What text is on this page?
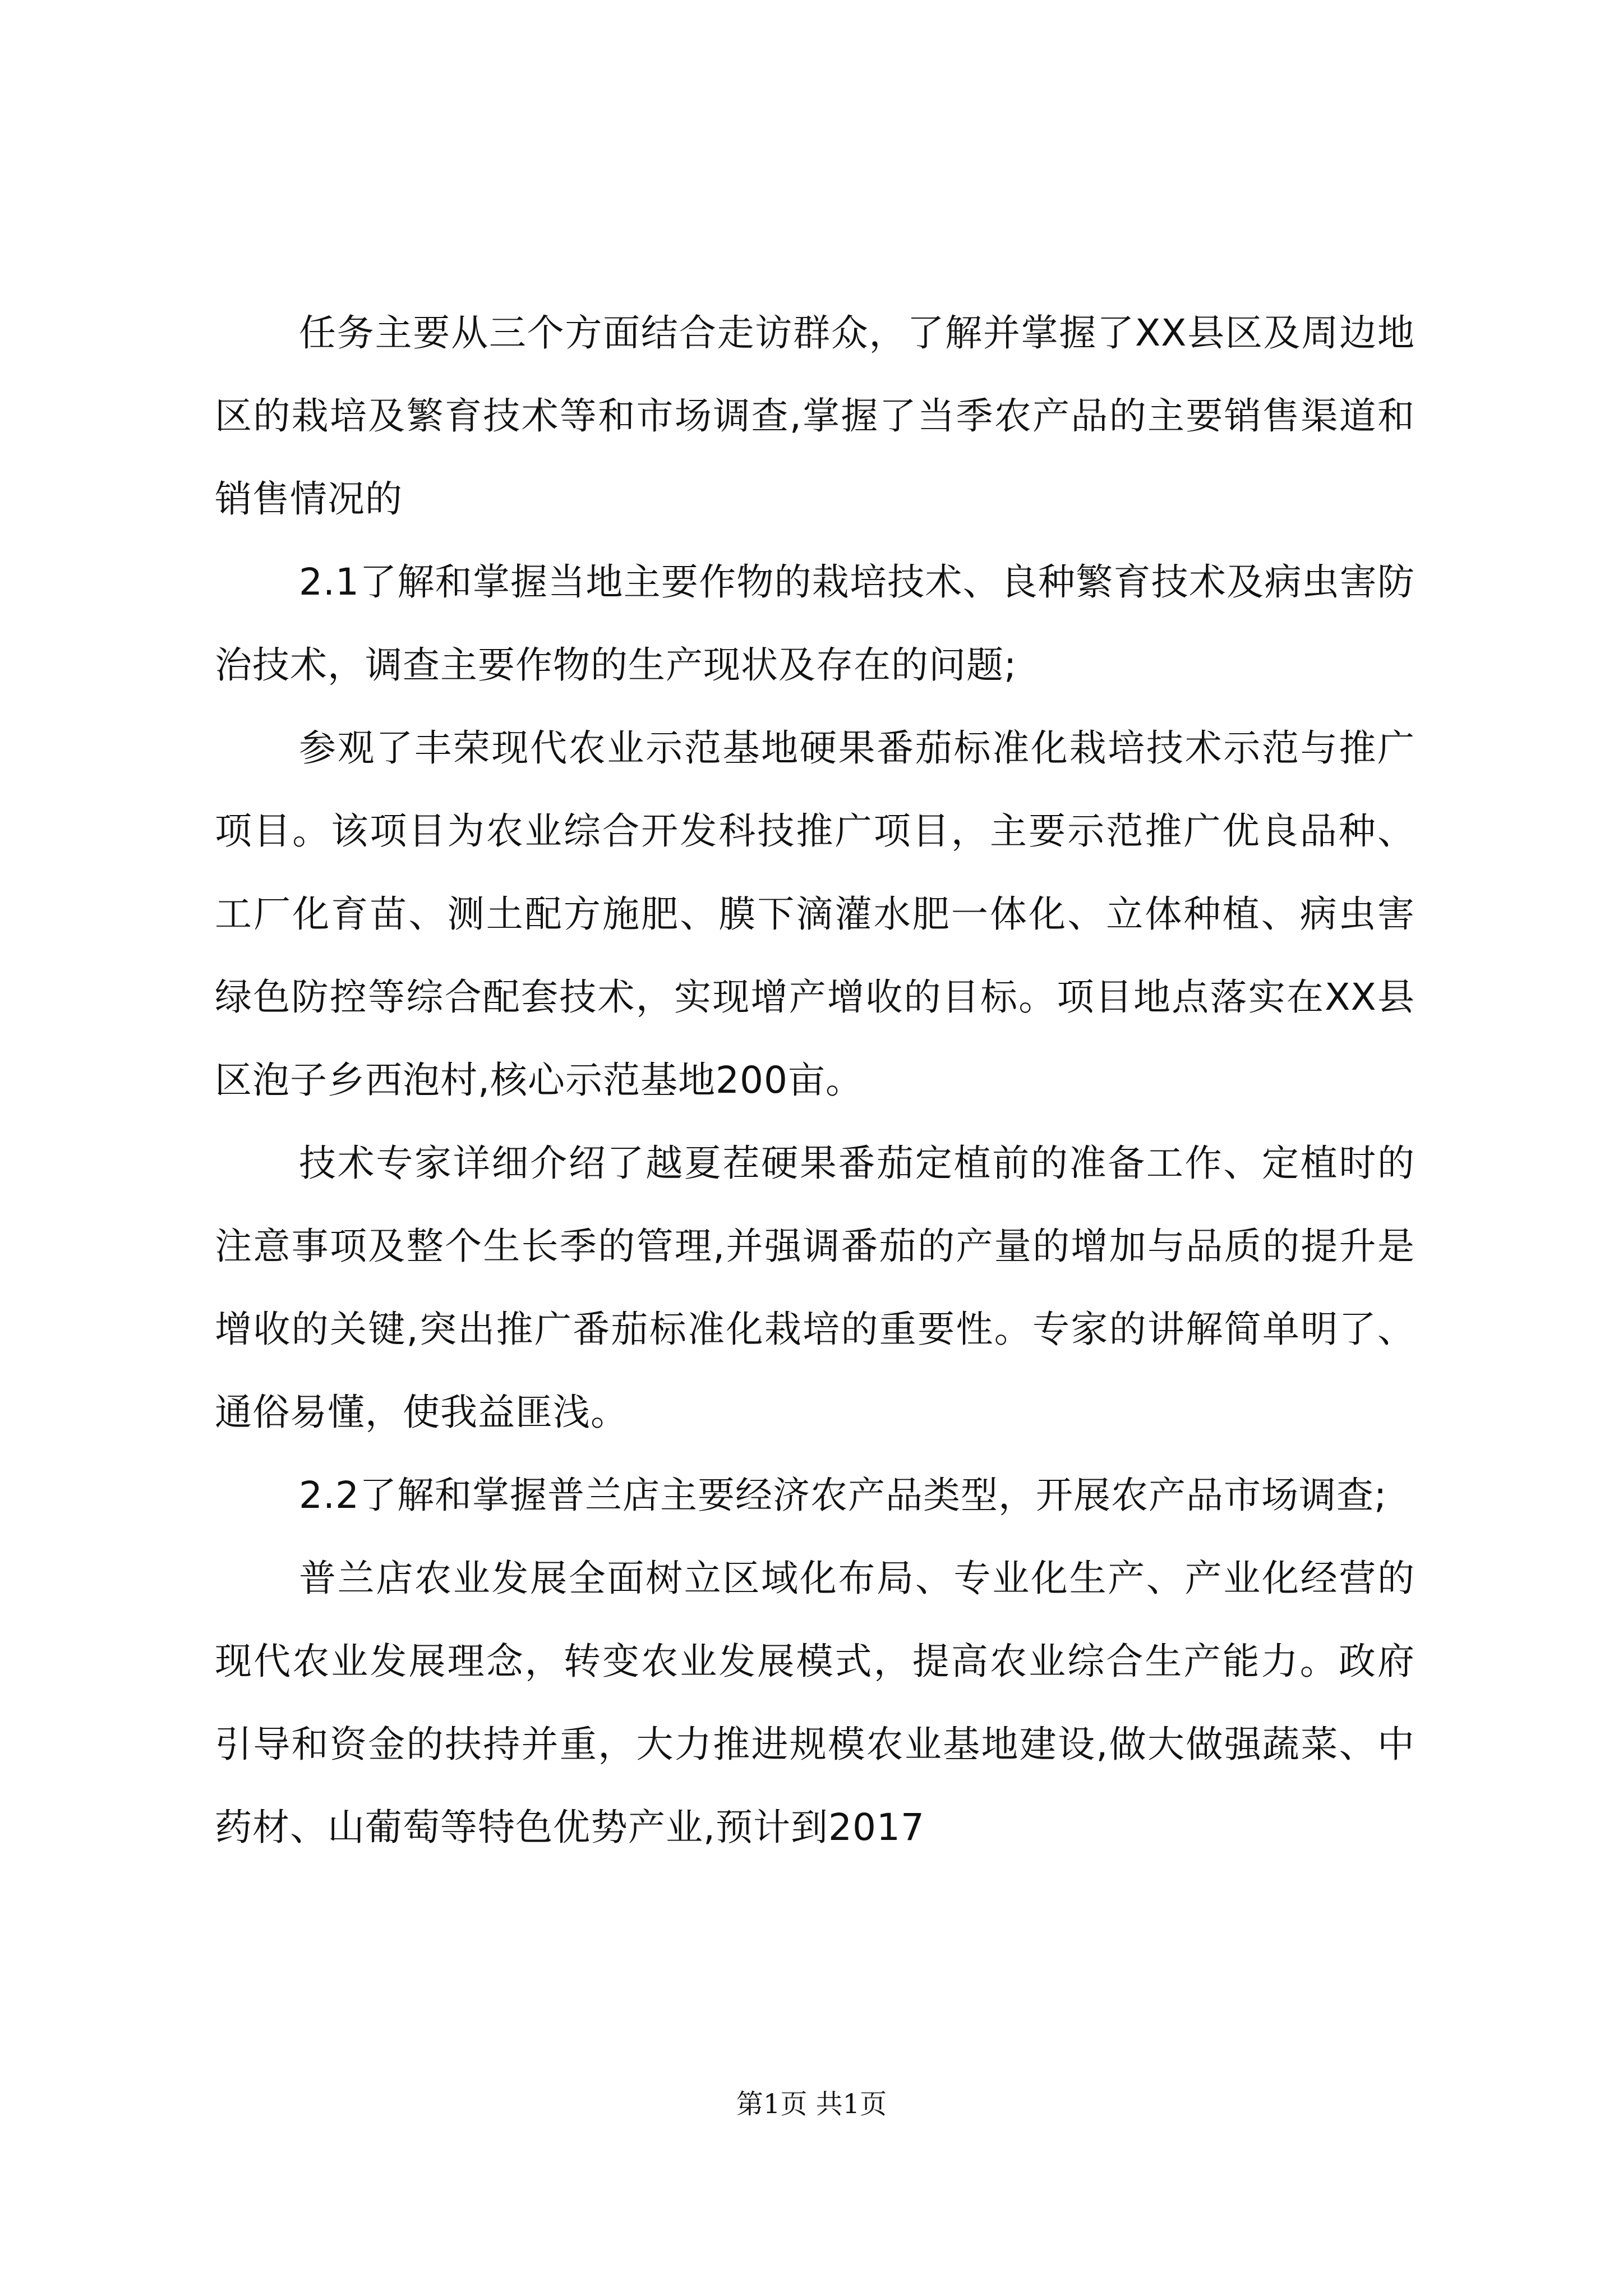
任务主要从三个方面结合走访群众，了解并掌握了XX县区及周边地区的栽培及繁育技术等和市场调查,掌握了当季农产品的主要销售渠道和销售情况的

2.1了解和掌握当地主要作物的栽培技术、良种繁育技术及病虫害防治技术，调查主要作物的生产现状及存在的问题;

参观了丰荣现代农业示范基地硬果番茄标准化栽培技术示范与推广项目。该项目为农业综合开发科技推广项目，主要示范推广优良品种、工厂化育苗、测土配方施肥、膜下滴灌水肥一体化、立体种植、病虫害绿色防控等综合配套技术，实现增产增收的目标。项目地点落实在XX县区泡子乡西泡村,核心示范基地200亩。

技术专家详细介绍了越夏茬硬果番茄定植前的准备工作、定植时的注意事项及整个生长季的管理,并强调番茄的产量的增加与品质的提升是增收的关键,突出推广番茄标准化栽培的重要性。专家的讲解简单明了、通俗易懂，使我益匪浅。

2.2了解和掌握普兰店主要经济农产品类型，开展农产品市场调查;

普兰店农业发展全面树立区域化布局、专业化生产、产业化经营的现代农业发展理念，转变农业发展模式，提高农业综合生产能力。政府引导和资金的扶持并重，大力推进规模农业基地建设,做大做强蔬菜、中药材、山葡萄等特色优势产业,预计到2017

第1页 共1页
